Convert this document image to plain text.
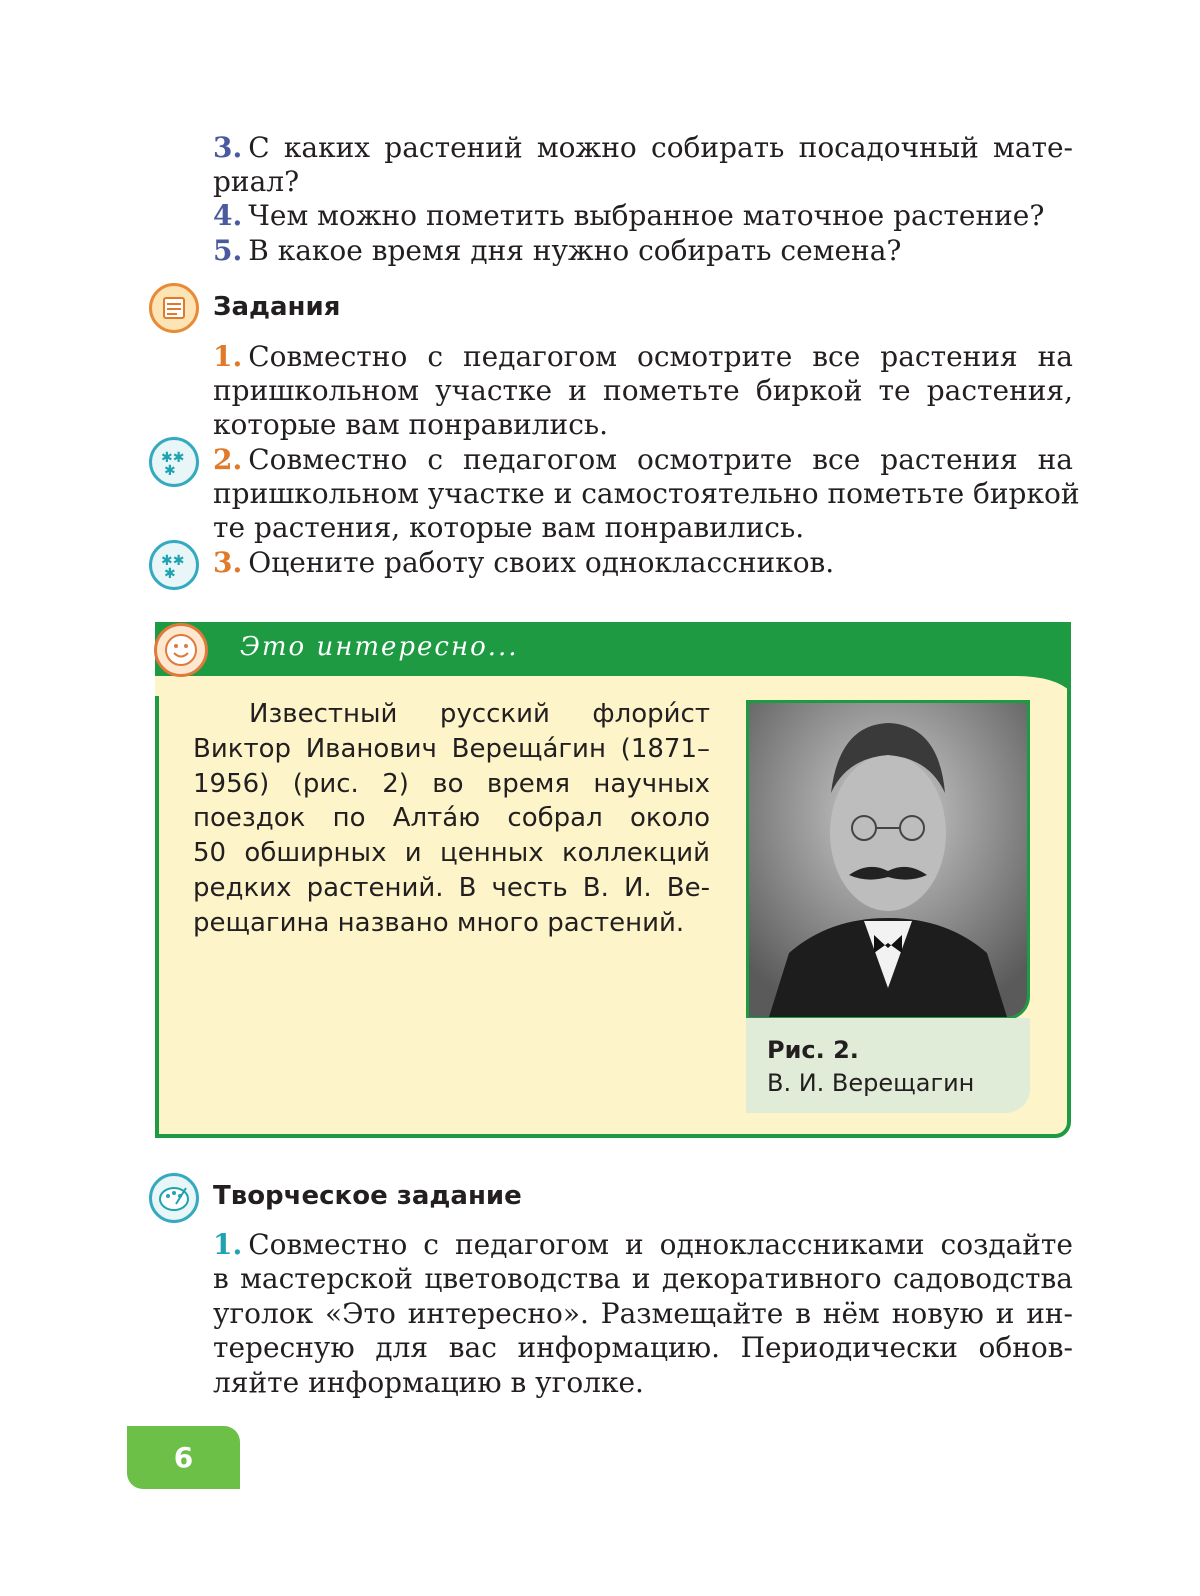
3. С каких растений можно собирать посадочный мате-
риал?
4. Чем можно пометить выбранное маточное растение?
5. В какое время дня нужно собирать семена?
Задания
1. Совместно с педагогом осмотрите все растения на
пришкольном участке и пометьте биркой те растения,
которые вам понравились.
✱✱
✱ 2. Совместно с педагогом осмотрите все растения на
пришкольном участке и самостоятельно пометьте биркой
те растения, которые вам понравились.
✱✱
✱ 3. Оцените работу своих одноклассников.
Это интересно...
Известный русский флори́ст
Виктор Иванович Верещáгин (1871–
1956) (рис. 2) во время научных
поездок по Алтáю собрал около
50 обширных и ценных коллекций
редких растений. В честь В. И. Ве-
рещагина названо много растений.
Рис. 2.
В. И. Верещагин
Творческое задание
1. Совместно с педагогом и одноклассниками создайте
в мастерской цветоводства и декоративного садоводства
уголок «Это интересно». Размещайте в нём новую и ин-
тересную для вас информацию. Периодически обнов-
ляйте информацию в уголке.
6
